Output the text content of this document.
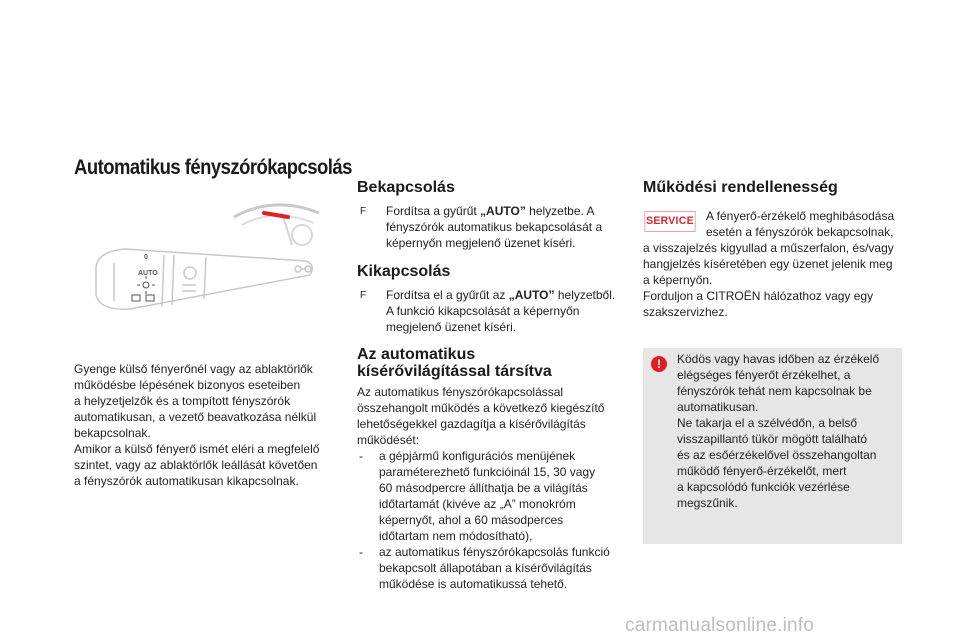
Automatikus fényszórókapcsolás
0
AUTO
Gyenge külső fényerőnél vagy az ablaktörlők
működésbe lépésének bizonyos eseteiben
a helyzetjelzők és a tompított fényszórók
automatikusan, a vezető beavatkozása nélkül
bekapcsolnak.
Amikor a külső fényerő ismét eléri a megfelelő
szintet, vagy az ablaktörlők leállását követően
a fényszórók automatikusan kikapcsolnak.
Bekapcsolás
F	Fordítsa a gyűrűt „AUTO” helyzetbe. A
fényszórók automatikus bekapcsolását a
képernyőn megjelenő üzenet kíséri.
Kikapcsolás
F	Fordítsa el a gyűrűt az „AUTO” helyzetből.
A funkció kikapcsolását a képernyőn
megjelenő üzenet kíséri.
Az automatikus
kísérővilágítással társítva
Az automatikus fényszórókapcsolással
összehangolt működés a következő kiegészítő
lehetőségekkel gazdagítja a kísérővilágítás
működését:
-	a gépjármű konfigurációs menüjének
paraméterezhető funkcióinál 15, 30 vagy
60 másodpercre állíthatja be a világítás
időtartamát (kivéve az „A” monokróm
képernyőt, ahol a 60 másodperces
időtartam nem módosítható),
-	az automatikus fényszórókapcsolás funkció
bekapcsolt állapotában a kísérővilágítás
működése is automatikussá tehető.
Működési rendellenesség
SERVICE A fényerő-érzékelő meghibásodása
esetén a fényszórók bekapcsolnak,
a visszajelzés kigyullad a műszerfalon, és/vagy
hangjelzés kíséretében egy üzenet jelenik meg
a képernyőn.
Forduljon a CITROËN hálózathoz vagy egy
szakszervizhez.
!	Ködös vagy havas időben az érzékelő
elégséges fényerőt érzékelhet, a
fényszórók tehát nem kapcsolnak be
automatikusan.
Ne takarja el a szélvédőn, a belső
visszapillantó tükör mögött található
és az esőérzékelővel összehangoltan
működő fényerő-érzékelőt, mert
a kapcsolódó funkciók vezérlése
megszűnik.
carmanualsonline.info
